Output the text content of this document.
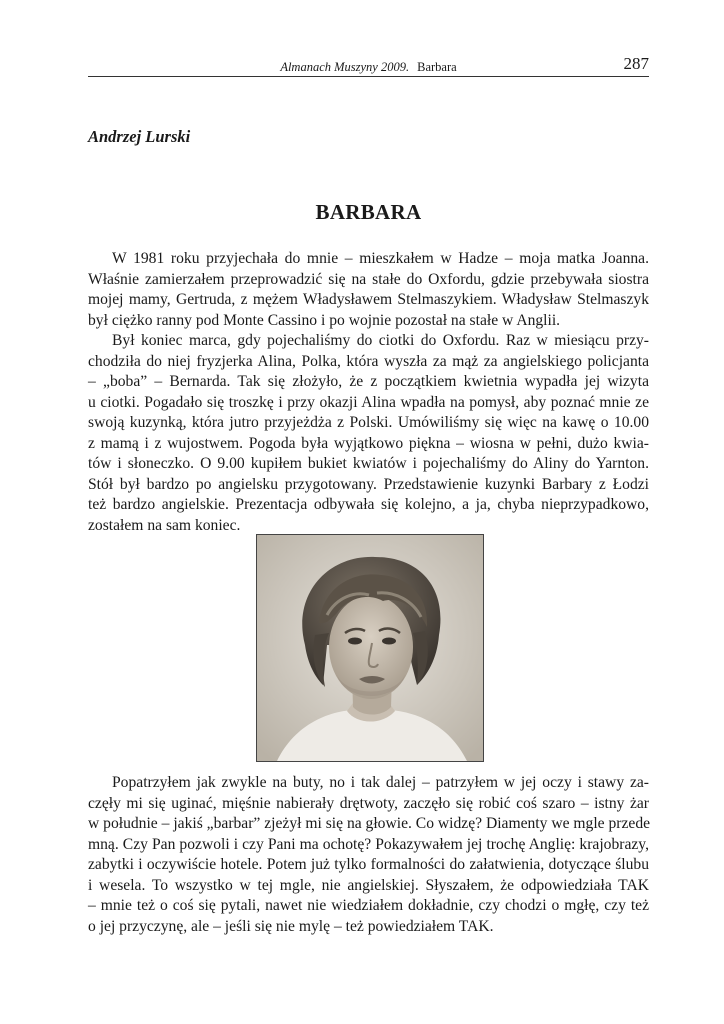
Almanach Muszyny 2009. Barbara	287
Andrzej Lurski
BARBARA
W 1981 roku przyjechała do mnie – mieszkałem w Hadze – moja matka Joanna.
Właśnie zamierzałem przeprowadzić się na stałe do Oxfordu, gdzie przebywała siostra
mojej mamy, Gertruda, z mężem Władysławem Stelmaszykiem. Władysław Stelmaszyk
był ciężko ranny pod Monte Cassino i po wojnie pozostał na stałe w Anglii.
Był koniec marca, gdy pojechaliśmy do ciotki do Oxfordu. Raz w miesiącu przy-
chodziła do niej fryzjerka Alina, Polka, która wyszła za mąż za angielskiego policjanta
– „boba” – Bernarda. Tak się złożyło, że z początkiem kwietnia wypadła jej wizyta
u ciotki. Pogadało się troszkę i przy okazji Alina wpadła na pomysł, aby poznać mnie ze
swoją kuzynką, która jutro przyjeżdża z Polski. Umówiliśmy się więc na kawę o 10.00
z mamą i z wujostwem. Pogoda była wyjątkowo piękna – wiosna w pełni, dużo kwia-
tów i słoneczko. O 9.00 kupiłem bukiet kwiatów i pojechaliśmy do Aliny do Yarnton.
Stół był bardzo po angielsku przygotowany. Przedstawienie kuzynki Barbary z Łodzi
też bardzo angielskie. Prezentacja odbywała się kolejno, a ja, chyba nieprzypadkowo,
zostałem na sam koniec.
Popatrzyłem jak zwykle na buty, no i tak dalej – patrzyłem w jej oczy i stawy za-
częły mi się uginać, mięśnie nabierały drętwoty, zaczęło się robić coś szaro – istny żar
w południe – jakiś „barbar” zjeżył mi się na głowie. Co widzę? Diamenty we mgle przede
mną. Czy Pan pozwoli i czy Pani ma ochotę? Pokazywałem jej trochę Anglię: krajobrazy,
zabytki i oczywiście hotele. Potem już tylko formalności do załatwienia, dotyczące ślubu
i wesela. To wszystko w tej mgle, nie angielskiej. Słyszałem, że odpowiedziała TAK
– mnie też o coś się pytali, nawet nie wiedziałem dokładnie, czy chodzi o mgłę, czy też
o jej przyczynę, ale – jeśli się nie mylę – też powiedziałem TAK.
